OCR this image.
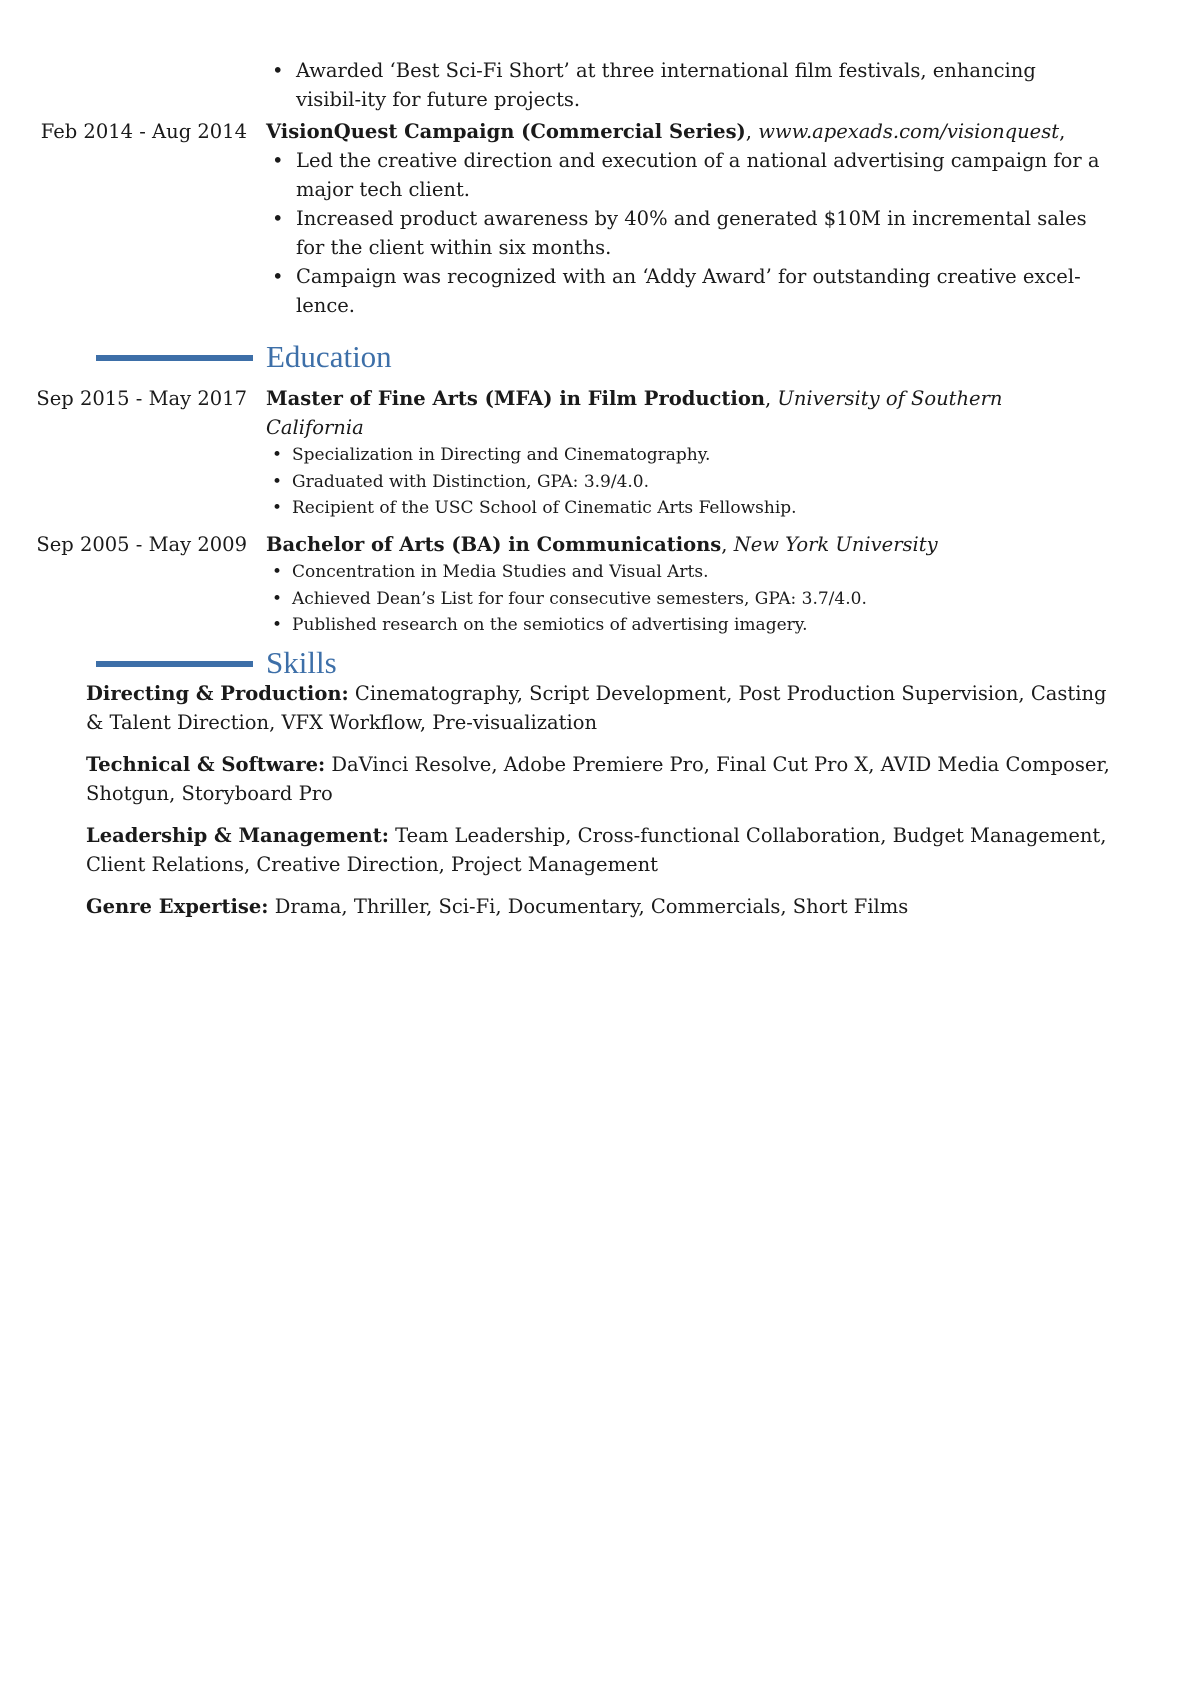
• Awarded ‘Best Sci-Fi Short’ at three international film festivals, enhancing visibil-ity for future projects.
Feb 2014 - Aug 2014 VisionQuest Campaign (Commercial Series), www.apexads.com/visionquest,
• Led the creative direction and execution of a national advertising campaign for a major tech client.
• Increased product awareness by 40% and generated $10M in incremental sales for the client within six months.
• Campaign was recognized with an ‘Addy Award’ for outstanding creative excel-lence.
Education
Sep 2015 - May 2017 Master of Fine Arts (MFA) in Film Production, University of Southern California
• Specialization in Directing and Cinematography.
• Graduated with Distinction, GPA: 3.9/4.0.
• Recipient of the USC School of Cinematic Arts Fellowship.
Sep 2005 - May 2009 Bachelor of Arts (BA) in Communications, New York University
• Concentration in Media Studies and Visual Arts.
• Achieved Dean’s List for four consecutive semesters, GPA: 3.7/4.0.
• Published research on the semiotics of advertising imagery.
Skills

Directing & Production: Cinematography, Script Development, Post Production Supervision, Casting & Talent Direction, VFX Workflow, Pre-visualization

Technical & Software: DaVinci Resolve, Adobe Premiere Pro, Final Cut Pro X, AVID Media Composer, Shotgun, Storyboard Pro

Leadership & Management: Team Leadership, Cross-functional Collaboration, Budget Management, Client Relations, Creative Direction, Project Management

Genre Expertise: Drama, Thriller, Sci-Fi, Documentary, Commercials, Short Films
